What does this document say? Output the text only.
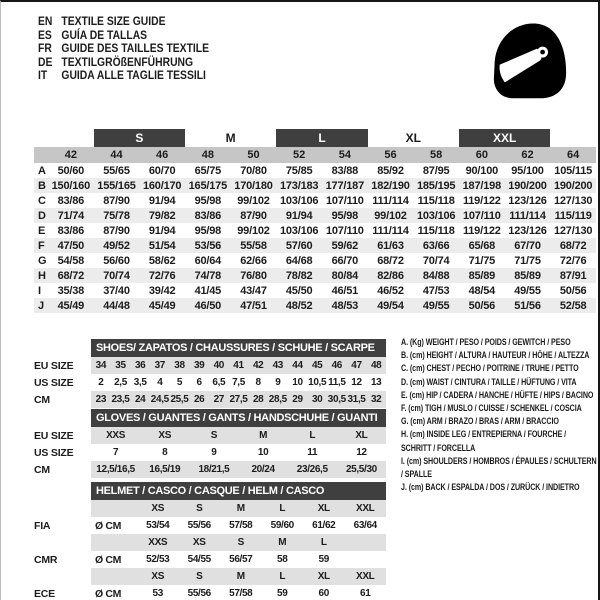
EN TEXTILE SIZE GUIDE
ES GUÍA DE TALLAS
FR GUIDE DES TAILLES TEXTILE
DE TEXTILGRÖßENFÜHRUNG
IT	GUIDA ALLE TAGLIE TESSILI
S	M	L	XL	XXL
42	44	46	48	50	52	54	56	58	60	62	64
A	50/60	55/65	60/70	65/75	70/80	75/85	83/88	85/92	87/95	90/100	95/100 105/115
B 150/160 155/165 160/170 165/175 170/180 173/183 177/187 182/190 185/195 187/198 190/200 190/200
C	83/86	87/90	91/94	95/98	99/102 103/106 107/110 111/114 115/118 119/122 123/126 127/130
D	71/74	75/78	79/82	83/86	87/90	91/94	95/98	99/102 103/106 107/110 111/114 115/119
E	83/86	87/90	91/94	95/98	99/102 103/106 107/110 111/114 115/118 119/122 123/126 127/130
F	47/50	49/52	51/54	53/56	55/58	57/60	59/62	61/63	63/66	65/68	67/70	68/72
G	54/58	56/60	58/62	60/64	62/66	64/68	66/70	68/72	70/74	71/75	71/75	72/76
H	68/72	70/74	72/76	74/78	76/80	78/82	80/84	82/86	84/88	85/89	85/89	87/91
I	35/38	37/40	39/42	41/45	43/47	45/50	46/51	46/52	47/53	48/54	49/55	50/56
J	45/49	44/48	45/49	46/50	47/51	48/52	48/53	49/54	49/55	50/56	51/56	52/58
SHOES/ ZAPATOS / CHAUSSURES / SCHUHE / SCARPE
EU SIZE	34 35 36 37 38 39 40 41 42 43 44 45 46 47 48
US SIZE	2	2,5 3,5	4	5	6	6,5 7,5	8	9	10 10,5 11,5 12 13
CM	23 23,5 24 24,5 25,5 26 27 27,5 28 28,5 29 30 30,5 31,5 32
GLOVES / GUANTES / GANTS / HANDSCHUHE / GUANTI
EU SIZE	XXS	XS	S	M	L	XL
US SIZE	7	8	9	10	11	12
CM	12,5/16,5	16,5/19	18/21,5	20/24	23/26,5	25,5/30
HELMET / CASCO / CASQUE / HELM / CASCO
XS	S	M	L	XL	XXL
FIA	Ø CM	53/54	55/56	57/58	59/60	61/62	63/64
XXS	XS	S	M	L
CMR	Ø CM	52/53	54/55	56/57	58	59
XS	S	M	L	XL	XXL
ECE	Ø CM	53	55/56	57/58	59	60	61
A. (Kg) WEIGHT / PESO / POIDS / GEWITCH / PESO
B. (cm) HEIGHT / ALTURA / HAUTEUR / HÖHE / ALTEZZA
C. (cm) CHEST / PECHO / POITRINE / TRUHE / PETTO
D. (cm) WAIST / CINTURA / TAILLE / HÜFTUNG / VITA
E. (cm) HIP / CADERA / HANCHE / HÜFTE / HIPS / BACINO
F. (cm) TIGH / MUSLO / CUISSE / SCHENKEL / COSCIA
G. (cm) ARM / BRAZO / BRAS / ARM / BRACCIO
H. (cm) INSIDE LEG / ENTREPIERNA / FOURCHE / SCHRITT / FORCELLA
I. (cm) SHOULDERS / HOMBROS / ÉPAULES / SCHULTERN / SPALLE
J. (cm) BACK / ESPALDA / DOS / ZURÜCK / INDIETRO
